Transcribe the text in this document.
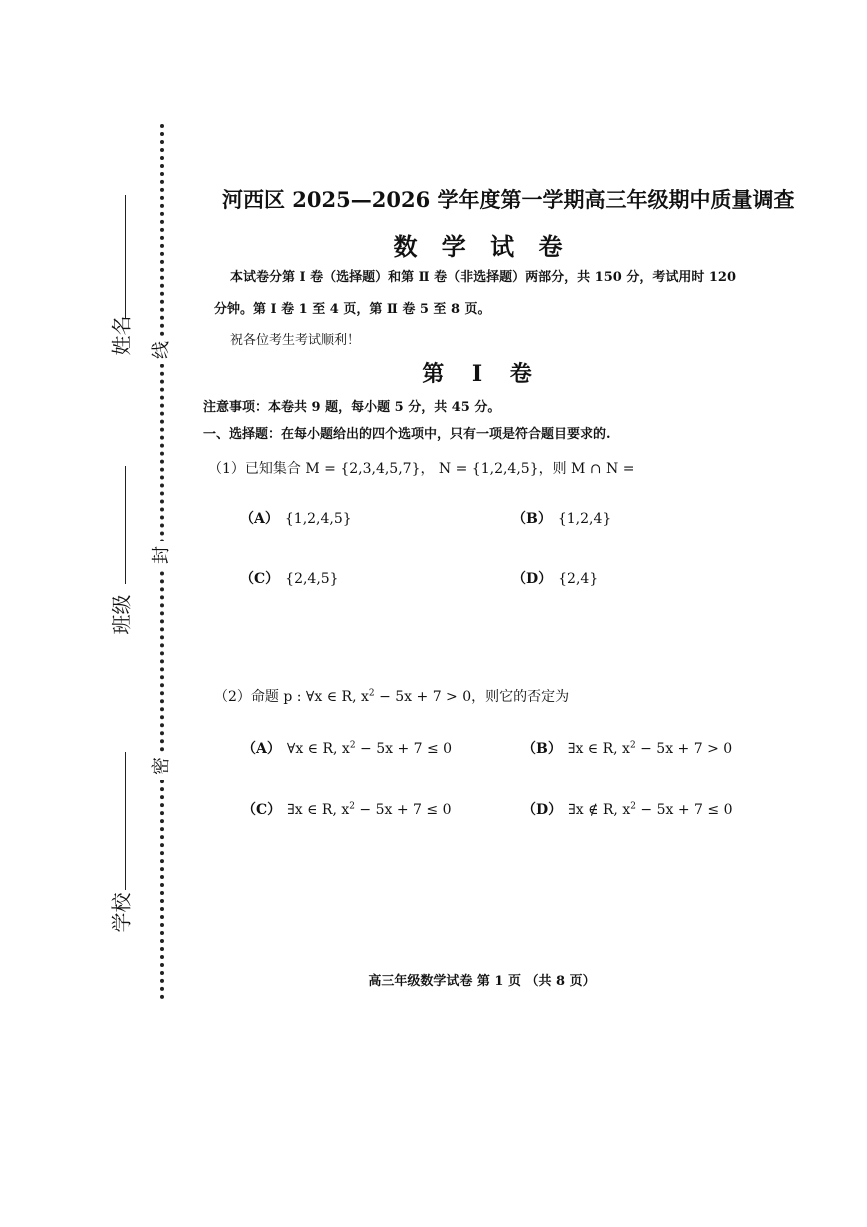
线
封
密
姓名
班级
学校
河西区 2025—2026 学年度第一学期高三年级期中质量调查
数 学 试 卷
本试卷分第 Ⅰ 卷（选择题）和第 Ⅱ 卷（非选择题）两部分，共 150 分，考试用时 120
分钟。第 Ⅰ 卷 1 至 4 页，第 Ⅱ 卷 5 至 8 页。
祝各位考生考试顺利！
第 Ⅰ 卷
注意事项：本卷共 9 题，每小题 5 分，共 45 分。
一、选择题：在每小题给出的四个选项中，只有一项是符合题目要求的.
（1）已知集合 M = {2,3,4,5,7}， N = {1,2,4,5}，则 M ∩ N =
（A） {1,2,4,5}	（B） {1,2,4}
（C） {2,4,5}	（D） {2,4}
（2）命题 p : ∀x ∈ R, $x^2 - 5x + 7 > 0$，则它的否定为
（A） ∀x ∈ R, $x^2 - 5x + 7 \le 0$	（B） ∃x ∈ R, $x^2 - 5x + 7 > 0$
（C） ∃x ∈ R, $x^2 - 5x + 7 \le 0$	（D） ∃x ∉ R, $x^2 - 5x + 7 \le 0$
高三年级数学试卷 第 1 页 （共 8 页）
